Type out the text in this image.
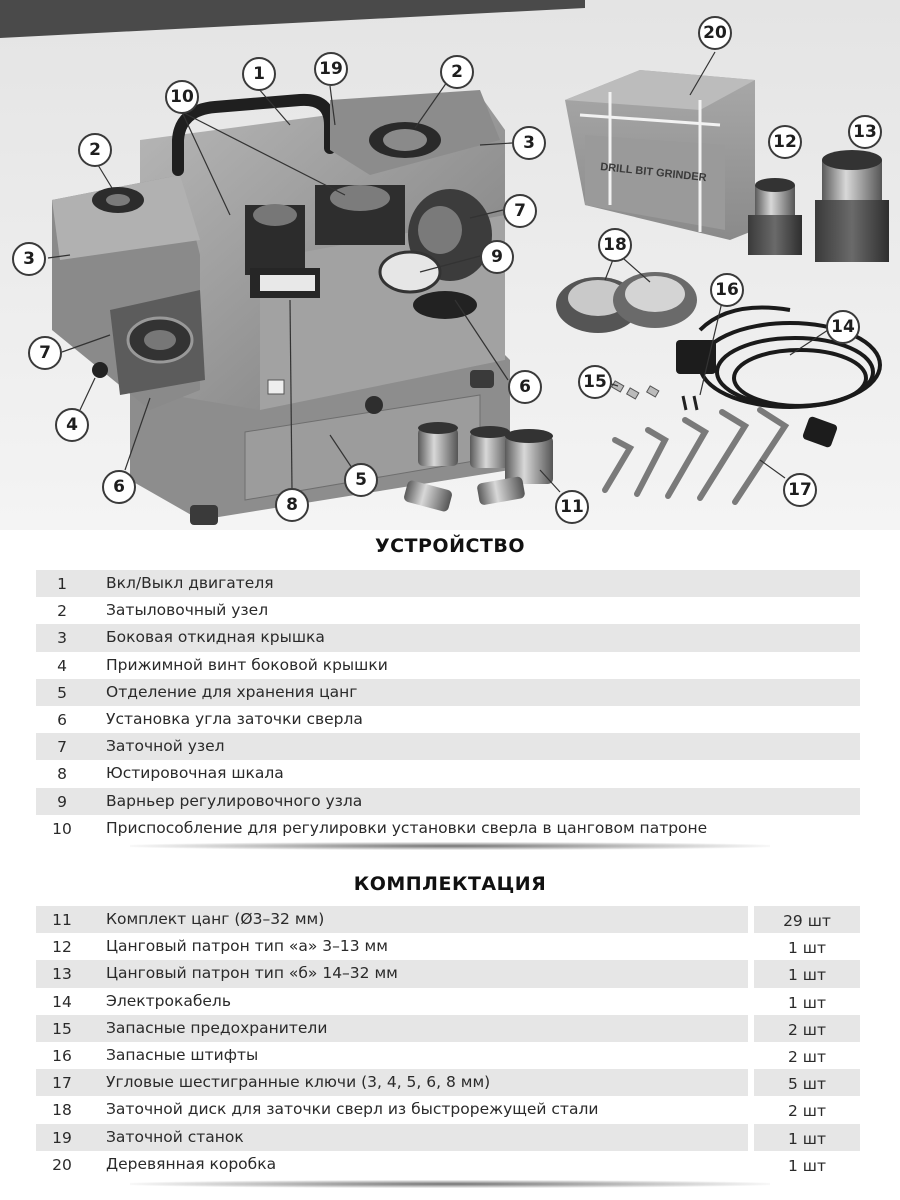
DRILL BIT GRINDER
1	2
2	3
3
4
5
6
6
7
7
8
9
10
11
12	13
14
15
16
17
18
19
20
УСТРОЙСТВО
1	Вкл/Выкл двигателя
2	Затыловочный узел
3	Боковая откидная крышка
4	Прижимной винт боковой крышки
5	Отделение для хранения цанг
6	Установка угла заточки сверла
7	Заточной узел
8	Юстировочная шкала
9	Варньер регулировочного узла
10	Приспособление для регулировки установки сверла в цанговом патроне
КОМПЛЕКТАЦИЯ
11	Комплект цанг (Ø3–32 мм)	29 шт
12	Цанговый патрон тип «а» 3–13 мм	1 шт
13	Цанговый патрон тип «б» 14–32 мм	1 шт
14	Электрокабель	1 шт
15	Запасные предохранители	2 шт
16	Запасные штифты	2 шт
17	Угловые шестигранные ключи (3, 4, 5, 6, 8 мм)	5 шт
18	Заточной диск для заточки сверл из быстрорежущей стали	2 шт
19	Заточной станок	1 шт
20	Деревянная коробка	1 шт
